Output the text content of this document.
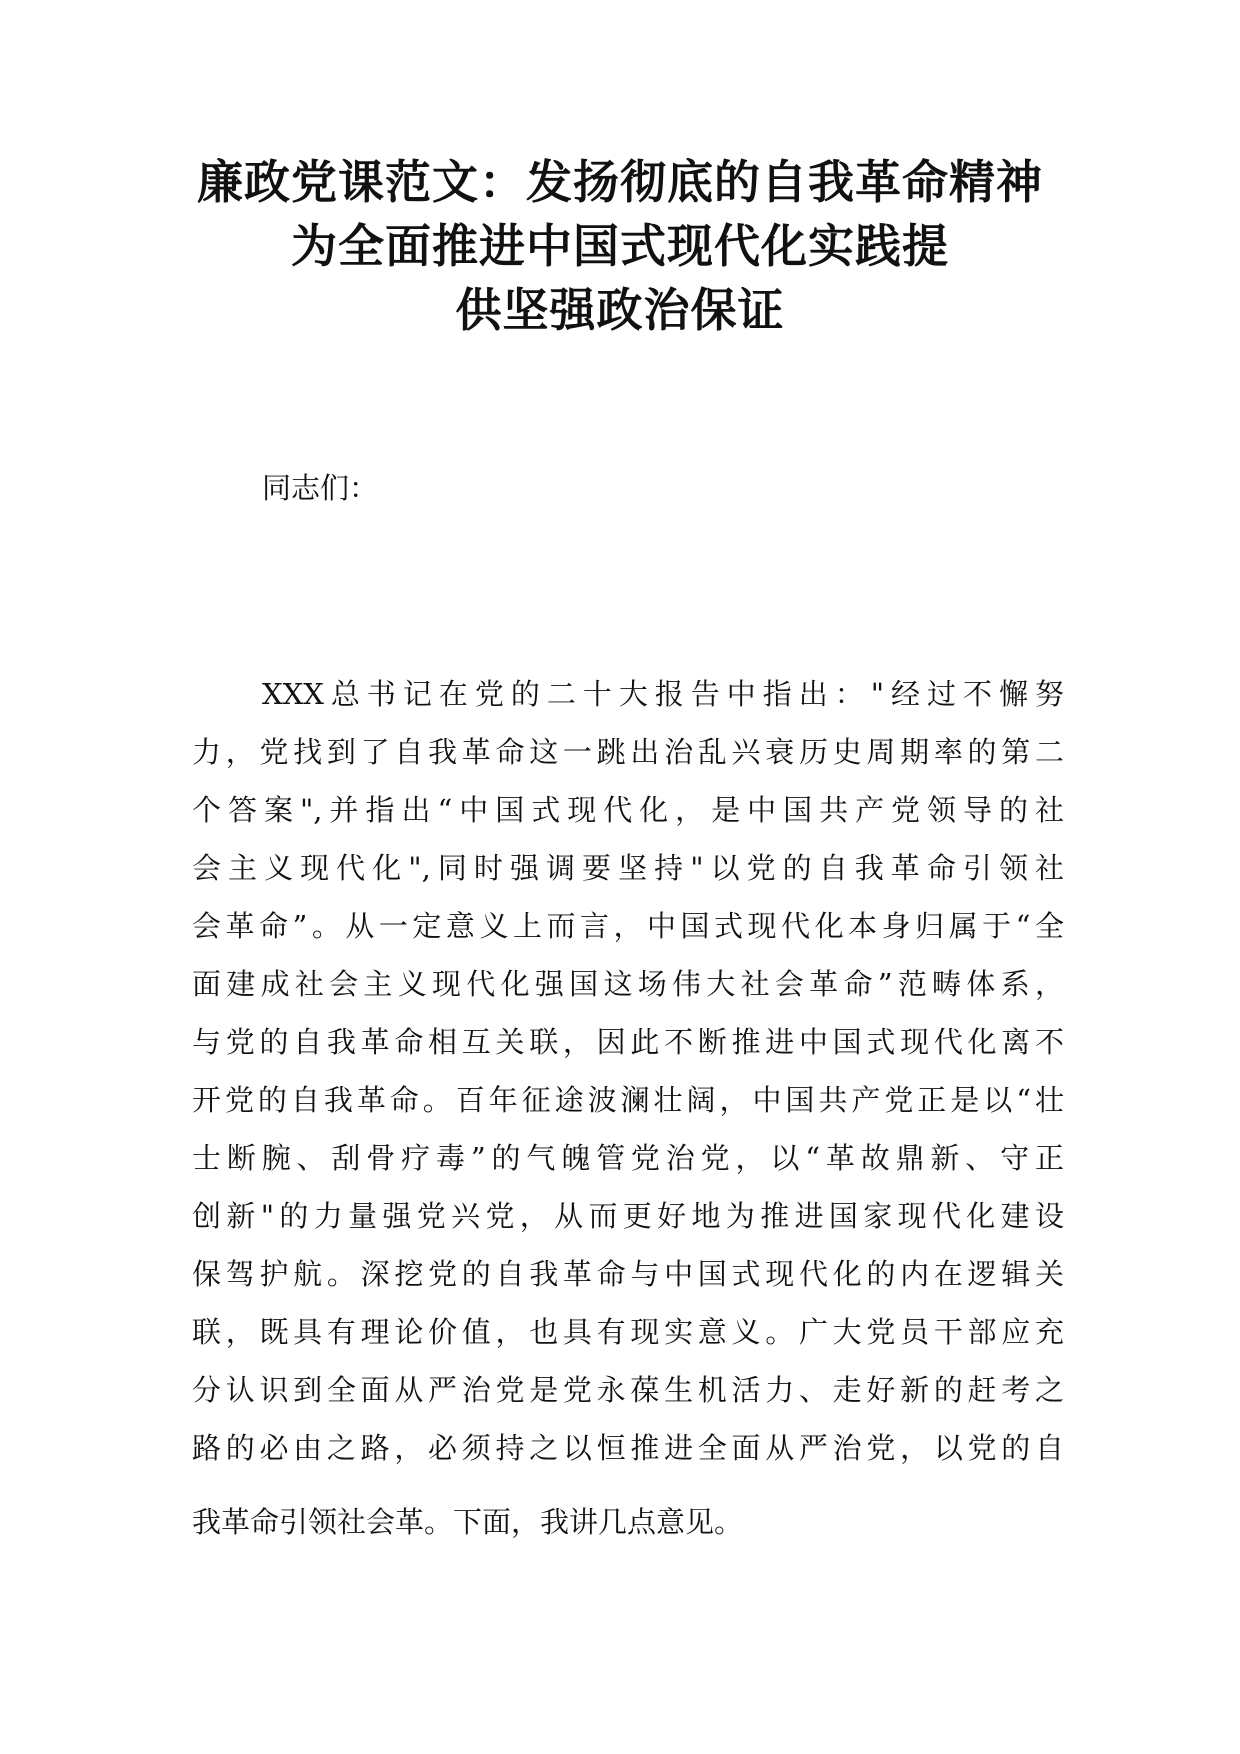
廉政党课范文：发扬彻底的自我革命精神
为全面推进中国式现代化实践提
供坚强政治保证
同志们：
XXX总书记在党的二十大报告中指出："经过不懈努
力，党找到了自我革命这一跳出治乱兴衰历史周期率的第二
个答案",并指出“中国式现代化，是中国共产党领导的社
会主义现代化",同时强调要坚持"以党的自我革命引领社
会革命”。从一定意义上而言，中国式现代化本身归属于“全
面建成社会主义现代化强国这场伟大社会革命”范畴体系，
与党的自我革命相互关联，因此不断推进中国式现代化离不
开党的自我革命。百年征途波澜壮阔，中国共产党正是以“壮
士断腕、刮骨疗毒”的气魄管党治党，以“革故鼎新、守正
创新"的力量强党兴党，从而更好地为推进国家现代化建设
保驾护航。深挖党的自我革命与中国式现代化的内在逻辑关
联，既具有理论价值，也具有现实意义。广大党员干部应充
分认识到全面从严治党是党永葆生机活力、走好新的赶考之
路的必由之路，必须持之以恒推进全面从严治党，以党的自
我革命引领社会革。下面，我讲几点意见。
